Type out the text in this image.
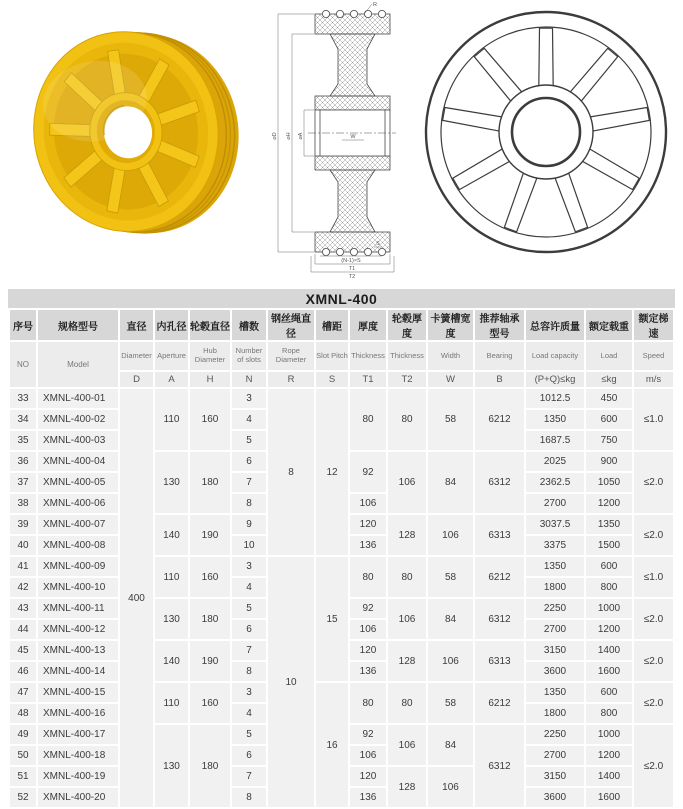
R
⌀D ⌀H ⌀A	W
(N-1)×S
S
T1
T2
XMNL-400
序号	规格型号	直径	内孔径	轮毂直径	槽数	钢丝绳直径	槽距	厚度	轮毂厚度	卡簧槽宽度	推荐轴承型号	总容许质量	额定载重	额定梯速
NO	Model	Diameter	Aperture	Hub Diameter	Number of slots	Rope Diameter	Slot Pitch	Thickness	Thickness	Width	Bearing	Load capacity	Load	Speed
		D	A	H	N	R	S	T1	T2	W	B	(P+Q)≤kg	≤kg	m/s
33	XMNL-400-01	400	110	160	3	8	12	80	80	58	6212	1012.5	450	≤1.0
34	XMNL-400-02				4							1350	600	
35	XMNL-400-03				5							1687.5	750	
36	XMNL-400-04		130	180	6			92	106	84	6312	2025	900	≤2.0
37	XMNL-400-05				7							2362.5	1050	
38	XMNL-400-06				8			106				2700	1200	
39	XMNL-400-07		140	190	9			120	128	106	6313	3037.5	1350	≤2.0
40	XMNL-400-08				10			136				3375	1500	
41	XMNL-400-09		110	160	3	10	15	80	80	58	6212	1350	600	≤1.0
42	XMNL-400-10				4							1800	800	
43	XMNL-400-11		130	180	5			92	106	84	6312	2250	1000	≤2.0
44	XMNL-400-12				6			106				2700	1200	
45	XMNL-400-13		140	190	7			120	128	106	6313	3150	1400	≤2.0
46	XMNL-400-14				8			136				3600	1600	
47	XMNL-400-15		110	160	3		16	80	80	58	6212	1350	600	≤2.0
48	XMNL-400-16				4							1800	800	
49	XMNL-400-17		130	180	5			92	106	84	6312	2250	1000	≤2.0
50	XMNL-400-18				6			106				2700	1200	
51	XMNL-400-19				7			120	128	106		3150	1400	
52	XMNL-400-20				8			136				3600	1600	
